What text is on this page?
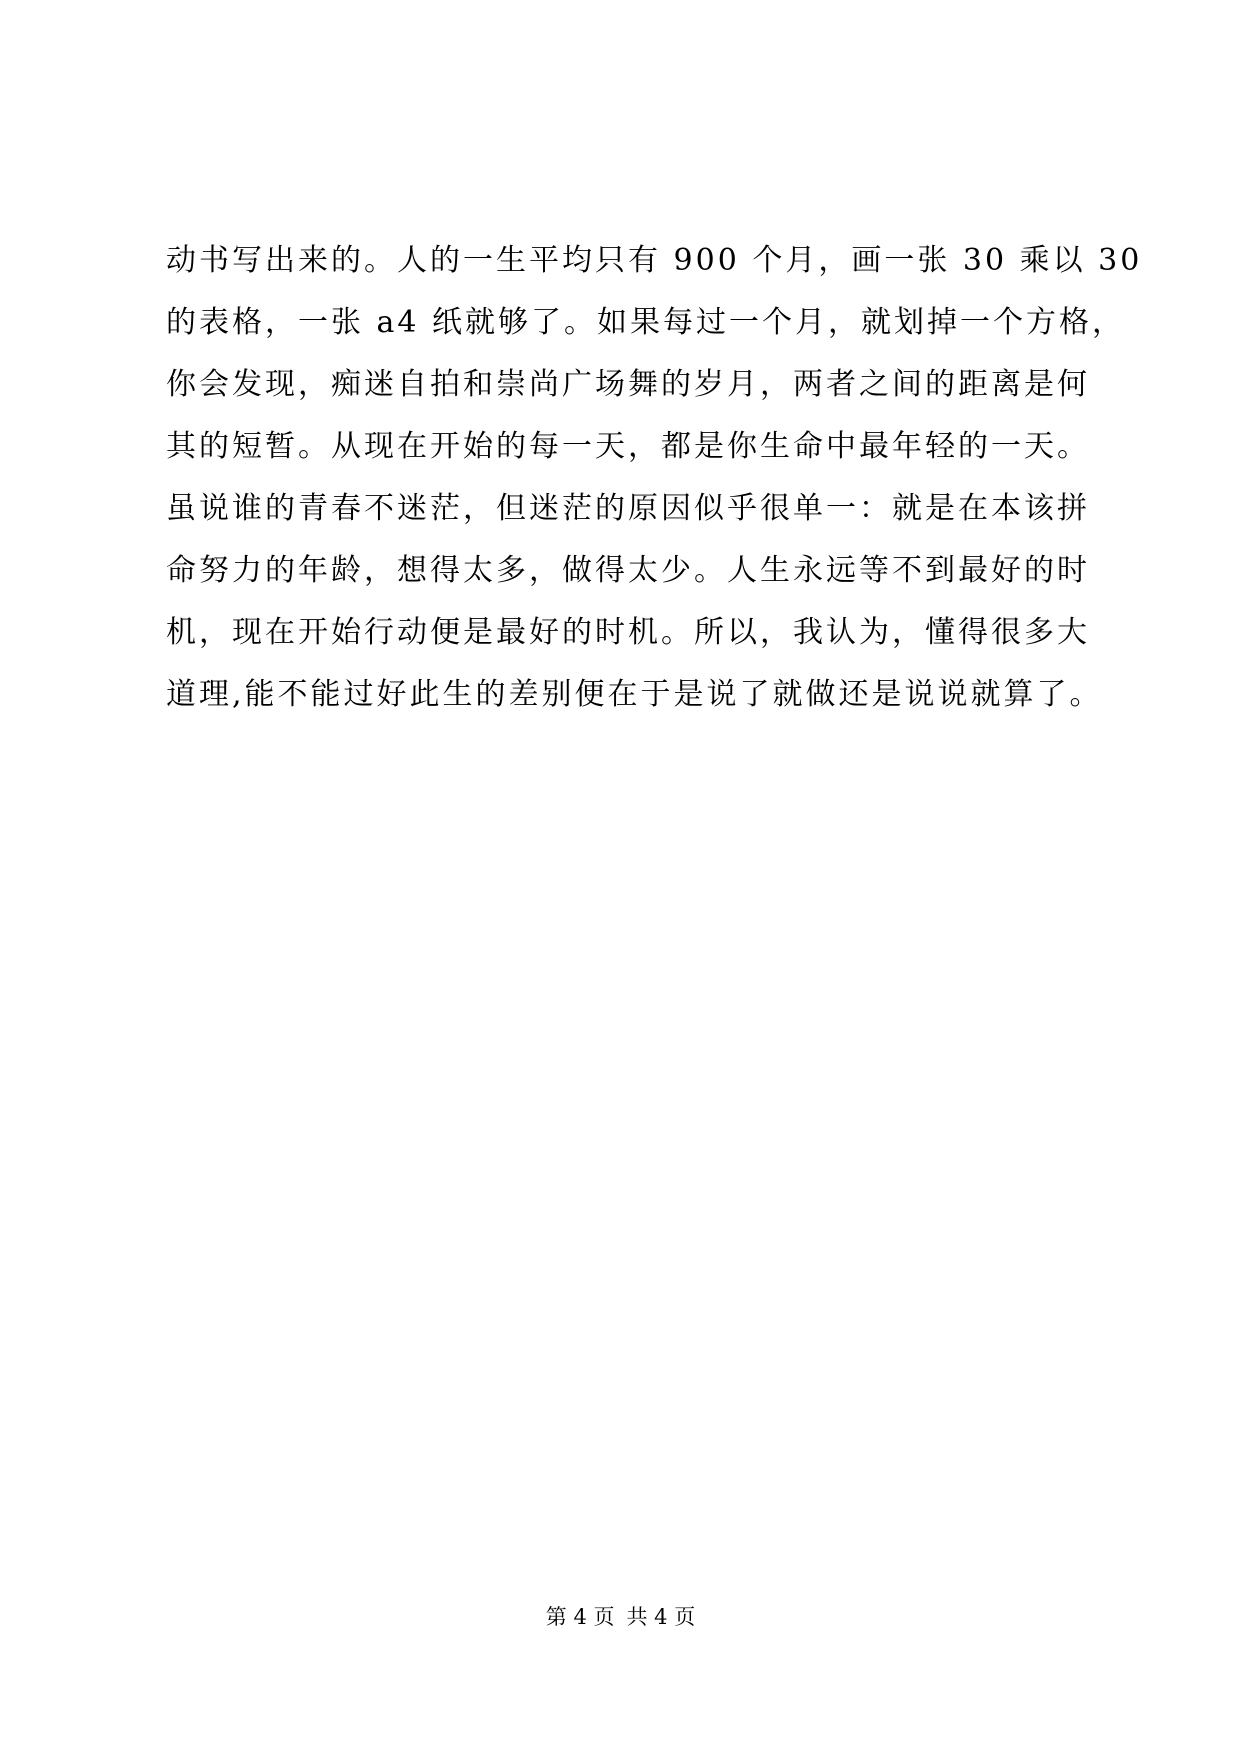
动书写出来的。人的一生平均只有 900 个月，画一张 30 乘以 30
的表格，一张 a4 纸就够了。如果每过一个月，就划掉一个方格，
你会发现，痴迷自拍和崇尚广场舞的岁月，两者之间的距离是何
其的短暂。从现在开始的每一天，都是你生命中最年轻的一天。
虽说谁的青春不迷茫，但迷茫的原因似乎很单一：就是在本该拼
命努力的年龄，想得太多，做得太少。人生永远等不到最好的时
机，现在开始行动便是最好的时机。所以，我认为，懂得很多大
道理,能不能过好此生的差别便在于是说了就做还是说说就算了。
第 4 页 共 4 页
